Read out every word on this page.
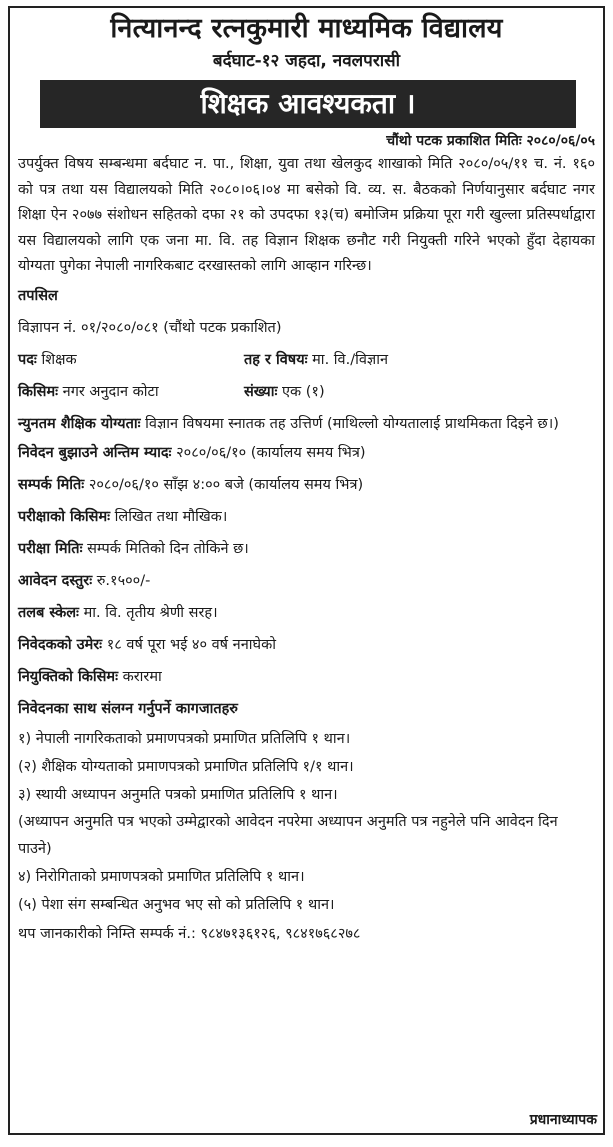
नित्यानन्द रत्नकुमारी माध्यमिक विद्यालय
बर्दघाट-१२ जहदा, नवलपरासी
शिक्षक आवश्यकता ।
चौंथो पटक प्रकाशित मितिः २०८०/०६/०५
उपर्युक्त विषय सम्बन्धमा बर्दघाट न. पा., शिक्षा, युवा तथा खेलकुद शाखाको मिति २०८०/०५/११ च. नं. १६० को पत्र तथा यस विद्यालयको मिति २०८०।०६।०४ मा बसेको वि. व्य. स. बैठकको निर्णयानुसार बर्दघाट नगर शिक्षा ऐन २०७७ संशोधन सहितको दफा २१ को उपदफा १३(च) बमोजिम प्रक्रिया पूरा गरी खुल्ला प्रतिस्पर्धाद्वारा यस विद्यालयको लागि एक जना मा. वि. तह विज्ञान शिक्षक छनौट गरी नियुक्ती गरिने भएको हुँदा देहायका योग्यता पुगेका नेपाली नागरिकबाट दरखास्तको लागि आव्हान गरिन्छ।
तपसिल
विज्ञापन नं. ०१/२०८०/०८१ (चौंथो पटक प्रकाशित)
पदः शिक्षक	तह र विषयः मा. वि./विज्ञान
किसिमः नगर अनुदान कोटा	संख्याः एक (१)
न्युनतम शैक्षिक योग्यताः विज्ञान विषयमा स्नातक तह उत्तिर्ण (माथिल्लो योग्यतालाई प्राथमिकता दिइने छ।)
निवेदन बुझाउने अन्तिम म्यादः २०८०/०६/१० (कार्यालय समय भित्र)
सम्पर्क मितिः २०८०/०६/१० साँझ ४:०० बजे (कार्यालय समय भित्र)
परीक्षाको किसिमः लिखित तथा मौखिक।
परीक्षा मितिः सम्पर्क मितिको दिन तोकिने छ।
आवेदन दस्तुरः रु.१५००/-
तलब स्केलः मा. वि. तृतीय श्रेणी सरह।
निवेदकको उमेरः १८ वर्ष पूरा भई ४० वर्ष ननाघेको
नियुक्तिको किसिमः करारमा
निवेदनका साथ संलग्न गर्नुपर्ने कागजातहरु
१) नेपाली नागरिकताको प्रमाणपत्रको प्रमाणित प्रतिलिपि १ थान।
(२) शैक्षिक योग्यताको प्रमाणपत्रको प्रमाणित प्रतिलिपि १/१ थान।
३) स्थायी अध्यापन अनुमति पत्रको प्रमाणित प्रतिलिपि १ थान।
(अध्यापन अनुमति पत्र भएको उम्मेद्वारको आवेदन नपरेमा अध्यापन अनुमति पत्र नहुनेले पनि आवेदन दिन पाउने)
४) निरोगिताको प्रमाणपत्रको प्रमाणित प्रतिलिपि १ थान।
(५) पेशा संग सम्बन्धित अनुभव भए सो को प्रतिलिपि १ थान।
थप जानकारीको निम्ति सम्पर्क नं.: ९८४७१३६१२६, ९८४१७६८२७८
प्रधानाध्यापक
